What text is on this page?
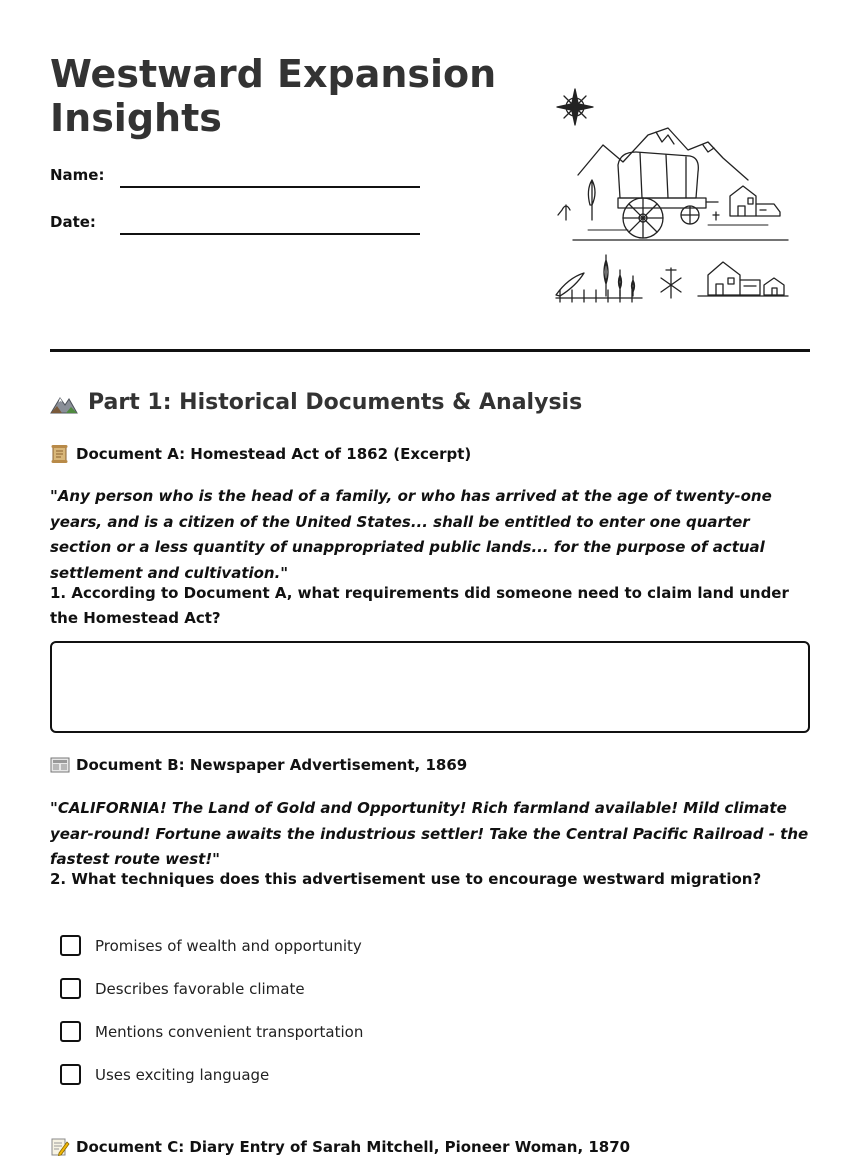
Westward Expansion
Insights
Name:
Date:
Part 1: Historical Documents & Analysis
Document A: Homestead Act of 1862 (Excerpt)

"Any person who is the head of a family, or who has arrived at the age of twenty-one years, and is a citizen of the United States... shall be entitled to enter one quarter section or a less quantity of unappropriated public lands... for the purpose of actual settlement and cultivation."

1. According to Document A, what requirements did someone need to claim land under the Homestead Act?

Document B: Newspaper Advertisement, 1869

"CALIFORNIA! The Land of Gold and Opportunity! Rich farmland available! Mild climate year-round! Fortune awaits the industrious settler! Take the Central Pacific Railroad - the fastest route west!"

2. What techniques does this advertisement use to encourage westward migration?

Promises of wealth and opportunity
Describes favorable climate
Mentions convenient transportation
Uses exciting language
Document C: Diary Entry of Sarah Mitchell, Pioneer Woman, 1870
